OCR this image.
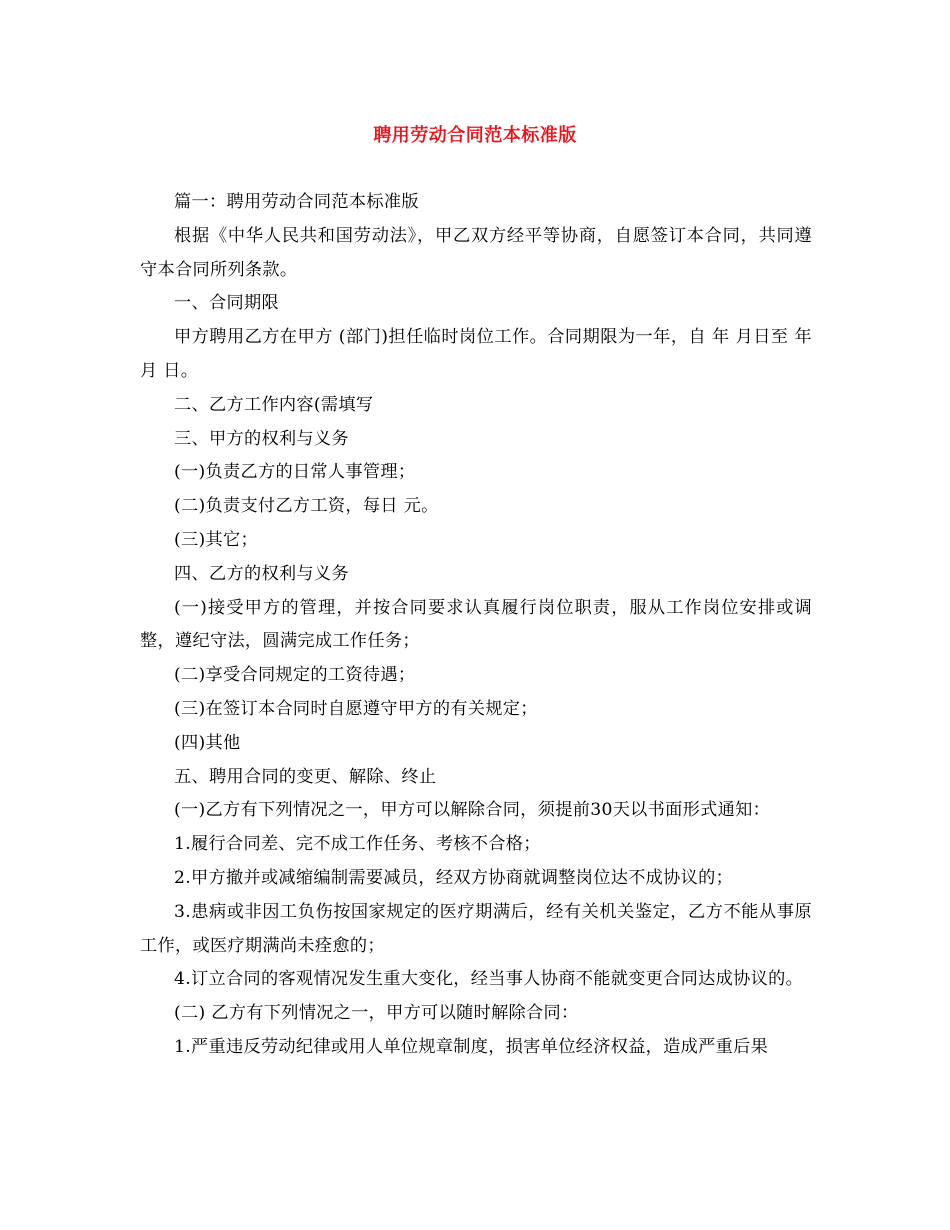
聘用劳动合同范本标准版

篇一：聘用劳动合同范本标准版

根据《中华人民共和国劳动法》，甲乙双方经平等协商，自愿签订本合同，共同遵守本合同所列条款。

一、合同期限

甲方聘用乙方在甲方 (部门)担任临时岗位工作。合同期限为一年，自 年 月日至 年 月 日。

二、乙方工作内容(需填写

三、甲方的权利与义务

(一)负责乙方的日常人事管理；

(二)负责支付乙方工资，每日 元。

(三)其它；

四、乙方的权利与义务

(一)接受甲方的管理，并按合同要求认真履行岗位职责，服从工作岗位安排或调整，遵纪守法，圆满完成工作任务；

(二)享受合同规定的工资待遇；

(三)在签订本合同时自愿遵守甲方的有关规定；

(四)其他

五、聘用合同的变更、解除、终止

(一)乙方有下列情况之一，甲方可以解除合同，须提前30天以书面形式通知：

1.履行合同差、完不成工作任务、考核不合格；

2.甲方撤并或减缩编制需要减员，经双方协商就调整岗位达不成协议的；

3.患病或非因工负伤按国家规定的医疗期满后，经有关机关鉴定，乙方不能从事原工作，或医疗期满尚未痊愈的；

4.订立合同的客观情况发生重大变化，经当事人协商不能就变更合同达成协议的。

(二) 乙方有下列情况之一，甲方可以随时解除合同：

1.严重违反劳动纪律或用人单位规章制度，损害单位经济权益，造成严重后果
